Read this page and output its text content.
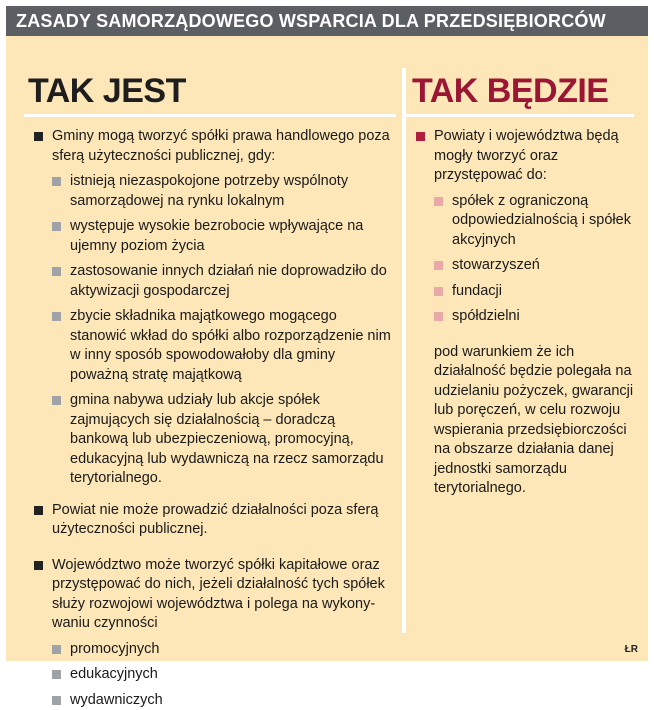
ZASADY SAMORZĄDOWEGO WSPARCIA DLA PRZEDSIĘBIORCÓW
TAK JEST
Gminy mogą tworzyć spółki prawa handlowego poza sferą użyteczności publicznej, gdy:
istnieją niezaspokojone potrzeby wspólnoty samorządowej na rynku lokalnym
występuje wysokie bezrobocie wpływające na ujemny poziom życia
zastosowanie innych działań nie doprowadziło do aktywizacji gospodarczej
zbycie składnika majątkowego mogącego stanowić wkład do spółki albo rozporządzenie nim w inny sposób spowodowałoby dla gminy poważną stratę majątkową
gmina nabywa udziały lub akcje spółek zajmujących się działalnością – doradczą bankową lub ubezpieczeniową, promocyjną, edukacyjną lub wydawniczą na rzecz samorządu terytorialnego.
Powiat nie może prowadzić działalności poza sferą użyteczności publicznej.
Województwo może tworzyć spółki kapitałowe oraz przystępować do nich, jeżeli działalność tych spółek służy rozwojowi województwa i polega na wykony-waniu czynności
promocyjnych
edukacyjnych
wydawniczych
TAK BĘDZIE
Powiaty i województwa będą mogły tworzyć oraz przystępować do:
spółek z ograniczoną odpowiedzialnością i spółek akcyjnych
stowarzyszeń
fundacji
spółdzielni

pod warunkiem że ich działalność będzie polegała na udzielaniu pożyczek, gwarancji lub poręczeń, w celu rozwoju wspierania przedsiębiorczości na obszarze działania danej jednostki samorządu terytorialnego.

ŁR
